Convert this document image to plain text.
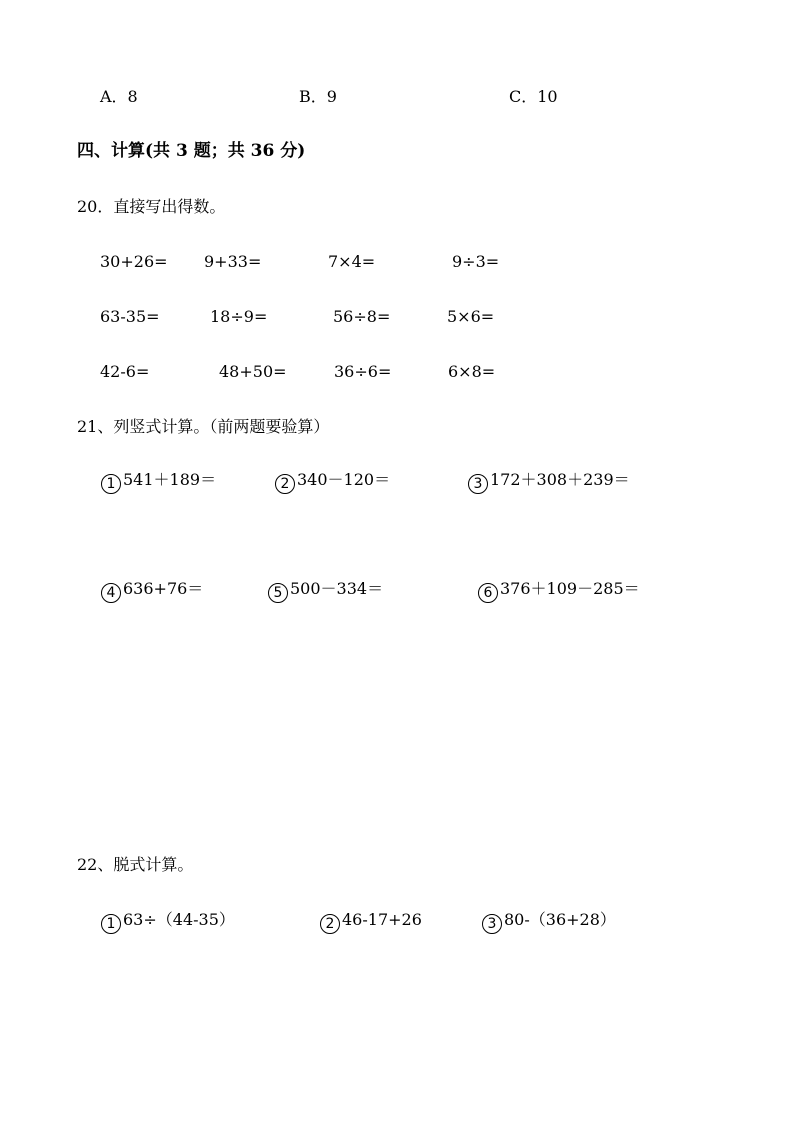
A．8	B．9	C．10
四、计算(共 3 题；共 36 分)
20．直接写出得数。
30+26= 9+33=	7×4=	9÷3=
63-35=	18÷9=	56÷8=	5×6=
42-6=	48+50=	36÷6=	6×8=
21、列竖式计算。（前两题要验算）
1 541＋189＝	2 340－120＝	3 172＋308＋239＝
4 636+76＝	5 500－334＝	6 376＋109－285＝
22、脱式计算。
1 63÷（44-35）	2 46-17+26	3 80-（36+28）
